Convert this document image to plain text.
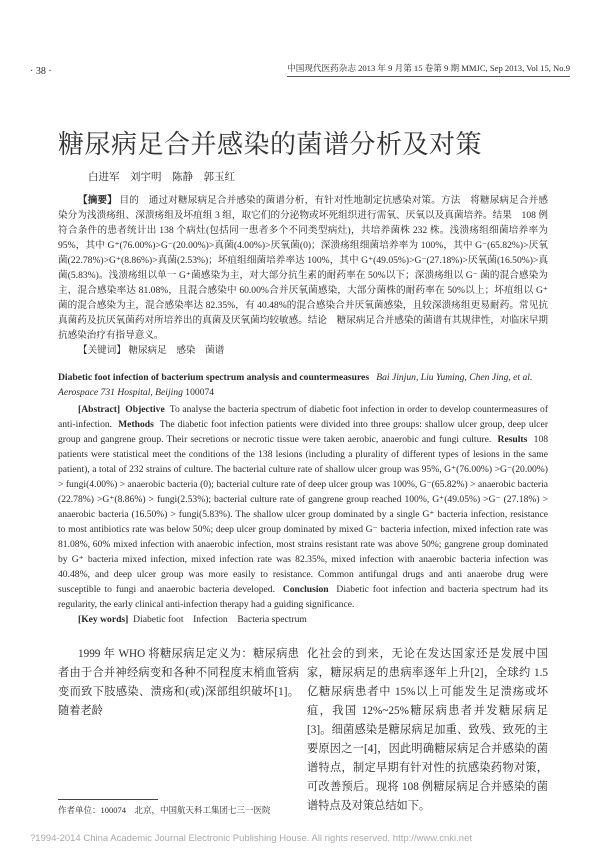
· 38 ·	中国现代医药杂志 2013 年 9 月第 15 卷第 9 期 MMJC, Sep 2013, Vol 15, No.9
糖尿病足合并感染的菌谱分析及对策
白进军　刘宇明　陈静　郭玉红
【摘要】 目的　通过对糖尿病足合并感染的菌谱分析，有针对性地制定抗感染对策。方法　将糖尿病足合并感染分为浅溃疡组、深溃疡组及坏疽组 3 组，取它们的分泌物或坏死组织进行需氧、厌氧以及真菌培养。结果　108 例符合条件的患者统计出 138 个病灶(包括同一患者多个不同类型病灶)，共培养菌株 232 株。浅溃疡组细菌培养率为 95%，其中 G⁺(76.00%)>G⁻(20.00%)>真菌(4.00%)>厌氧菌(0)；深溃疡组细菌培养率为 100%，其中 G⁻(65.82%)>厌氧菌(22.78%)>G⁺(8.86%)>真菌(2.53%)；坏疽组细菌培养率达 100%，其中 G⁺(49.05%)>G⁻(27.18%)>厌氧菌(16.50%)>真菌(5.83%)。浅溃疡组以单一 G⁺菌感染为主，对大部分抗生素的耐药率在 50%以下；深溃疡组以 G⁻ 菌的混合感染为主，混合感染率达 81.08%，且混合感染中 60.00%合并厌氧菌感染，大部分菌株的耐药率在 50%以上；坏疽组以 G⁺菌的混合感染为主，混合感染率达 82.35%，有 40.48%的混合感染合并厌氧菌感染，且较深溃疡组更易耐药。常见抗真菌药及抗厌氧菌药对所培养出的真菌及厌氧菌均较敏感。结论　糖尿病足合并感染的菌谱有其规律性，对临床早期抗感染治疗有指导意义。
【关键词】 糖尿病足　感染　菌谱
Diabetic foot infection of bacterium spectrum analysis and countermeasures Bai Jinjun, Liu Yuming, Chen Jing, et al.
Aerospace 731 Hospital, Beijing 100074
[Abstract] Objective To analyse the bacteria spectrum of diabetic foot infection in order to develop countermeasures of anti-infection. Methods The diabetic foot infection patients were divided into three groups: shallow ulcer group, deep ulcer group and gangrene group. Their secretions or necrotic tissue were taken aerobic, anaerobic and fungi culture. Results 108 patients were statistical meet the conditions of the 138 lesions (including a plurality of different types of lesions in the same patient), a total of 232 strains of culture. The bacterial culture rate of shallow ulcer group was 95%, G⁺(76.00%) >G⁻(20.00%) > fungi(4.00%) > anaerobic bacteria (0); bacterial culture rate of deep ulcer group was 100%, G⁻(65.82%) > anaerobic bacteria (22.78%) >G⁺(8.86%) > fungi(2.53%); bacterial culture rate of gangrene group reached 100%, G⁺(49.05%) >G⁻ (27.18%) > anaerobic bacteria (16.50%) > fungi(5.83%). The shallow ulcer group dominated by a single G⁺ bacteria infection, resistance to most antibiotics rate was below 50%; deep ulcer group dominated by mixed G⁻ bacteria infection, mixed infection rate was 81.08%, 60% mixed infection with anaerobic infection, most strains resistant rate was above 50%; gangrene group dominated by G⁺ bacteria mixed infection, mixed infection rate was 82.35%, mixed infection with anaerobic bacteria infection was 40.48%, and deep ulcer group was more easily to resistance. Common antifungal drugs and anti anaerobe drug were susceptible to fungi and anaerobic bacteria developed. Conclusion Diabetic foot infection and bacteria spectrum had its regularity, the early clinical anti-infection therapy had a guiding significance.
[Key words] Diabetic foot　Infection　Bacteria spectrum
1999 年 WHO 将糖尿病足定义为：糖尿病患者由于合并神经病变和各种不同程度末梢血管病变而致下肢感染、溃疡和(或)深部组织破坏[1]。随着老龄
作者单位：100074　北京，中国航天科工集团七三一医院
化社会的到来，无论在发达国家还是发展中国家，糖尿病足的患病率逐年上升[2]，全球约 1.5 亿糖尿病患者中 15%以上可能发生足溃疡或坏疽，我国 12%~25%糖尿病患者并发糖尿病足[3]。细菌感染是糖尿病足加重、致残、致死的主要原因之一[4]，因此明确糖尿病足合并感染的菌谱特点，制定早期有针对性的抗感染药物对策，可改善预后。现将 108 例糖尿病足合并感染的菌谱特点及对策总结如下。
?1994-2014 China Academic Journal Electronic Publishing House. All rights reserved. http://www.cnki.net
